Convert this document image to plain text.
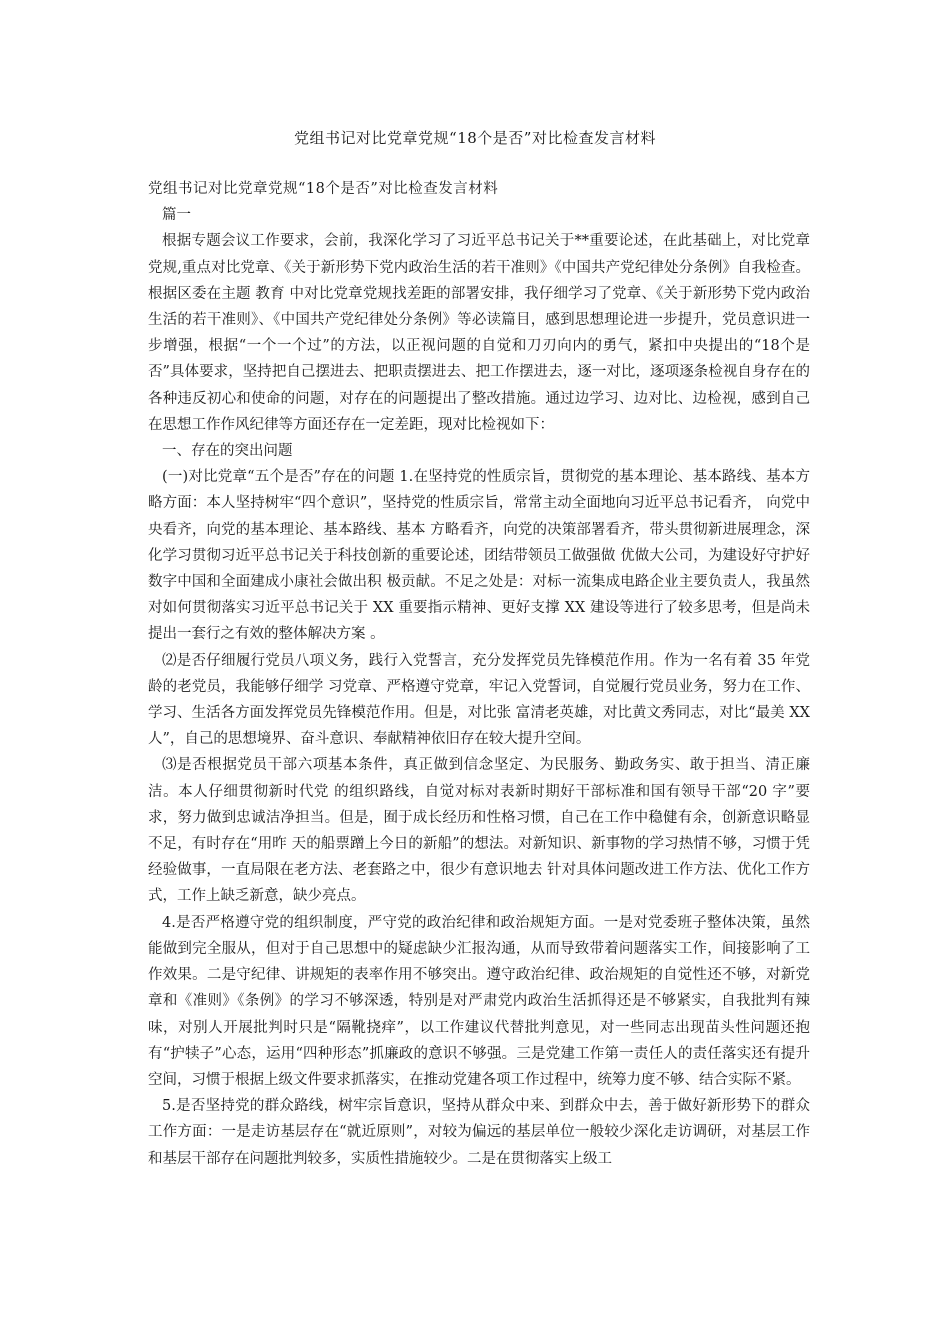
党组书记对比党章党规“18个是否”对比检查发言材料

党组书记对比党章党规“18个是否”对比检查发言材料

篇一

根据专题会议工作要求，会前，我深化学习了习近平总书记关于**重要论述，在此基础上，对比党章党规,重点对比党章、《关于新形势下党内政治生活的若干准则》《中国共产党纪律处分条例》自我检查。根据区委在主题 教育 中对比党章党规找差距的部署安排，我仔细学习了党章、《关于新形势下党内政治生活的若干准则》、《中国共产党纪律处分条例》等必读篇目，感到思想理论进一步提升，党员意识进一步增强，根据“一个一个过”的方法，以正视问题的自觉和刀刃向内的勇气，紧扣中央提出的“18个是否”具体要求，坚持把自己摆进去、把职责摆进去、把工作摆进去，逐一对比，逐项逐条检视自身存在的各种违反初心和使命的问题，对存在的问题提出了整改措施。通过边学习、边对比、边检视，感到自己在思想工作作风纪律等方面还存在一定差距，现对比检视如下：

一、存在的突出问题

(一)对比党章“五个是否”存在的问题 1.在坚持党的性质宗旨，贯彻党的基本理论、基本路线、基本方略方面：本人坚持树牢“四个意识”，坚持党的性质宗旨，常常主动全面地向习近平总书记看齐， 向党中央看齐，向党的基本理论、基本路线、基本 方略看齐，向党的决策部署看齐，带头贯彻新进展理念，深化学习贯彻习近平总书记关于科技创新的重要论述，团结带领员工做强做 优做大公司，为建设好守护好数字中国和全面建成小康社会做出积 极贡献。不足之处是：对标一流集成电路企业主要负责人，我虽然对如何贯彻落实习近平总书记关于 XX 重要指示精神、更好支撑 XX 建设等进行了较多思考，但是尚未提出一套行之有效的整体解决方案 。

⑵是否仔细履行党员八项义务，践行入党誓言，充分发挥党员先锋模范作用。作为一名有着 35 年党龄的老党员，我能够仔细学 习党章、严格遵守党章，牢记入党誓词，自觉履行党员业务，努力在工作、学习、生活各方面发挥党员先锋模范作用。但是，对比张 富清老英雄，对比黄文秀同志，对比“最美 XX 人”，自己的思想境界、奋斗意识、奉献精神依旧存在较大提升空间。

⑶是否根据党员干部六项基本条件，真正做到信念坚定、为民服务、勤政务实、敢于担当、清正廉洁。本人仔细贯彻新时代党 的组织路线，自觉对标对表新时期好干部标准和国有领导干部“20 字”要求，努力做到忠诚洁净担当。但是，囿于成长经历和性格习惯，自己在工作中稳健有余，创新意识略显不足，有时存在“用昨 天的船票蹭上今日的新船”的想法。对新知识、新事物的学习热情不够，习惯于凭经验做事，一直局限在老方法、老套路之中，很少有意识地去 针对具体问题改进工作方法、优化工作方式，工作上缺乏新意，缺少亮点。

4.是否严格遵守党的组织制度，严守党的政治纪律和政治规矩方面。一是对党委班子整体决策，虽然能做到完全服从，但对于自己思想中的疑虑缺少汇报沟通，从而导致带着问题落实工作，间接影响了工作效果。二是守纪律、讲规矩的表率作用不够突出。遵守政治纪律、政治规矩的自觉性还不够，对新党章和《准则》《条例》的学习不够深透，特别是对严肃党内政治生活抓得还是不够紧实，自我批判有辣味，对别人开展批判时只是“隔靴挠痒”，以工作建议代替批判意见，对一些同志出现苗头性问题还抱有“护犊子”心态，运用“四种形态”抓廉政的意识不够强。三是党建工作第一责任人的责任落实还有提升空间，习惯于根据上级文件要求抓落实，在推动党建各项工作过程中，统筹力度不够、结合实际不紧。

5.是否坚持党的群众路线，树牢宗旨意识，坚持从群众中来、到群众中去，善于做好新形势下的群众工作方面：一是走访基层存在“就近原则”，对较为偏远的基层单位一般较少深化走访调研，对基层工作和基层干部存在问题批判较多，实质性措施较少。二是在贯彻落实上级工
